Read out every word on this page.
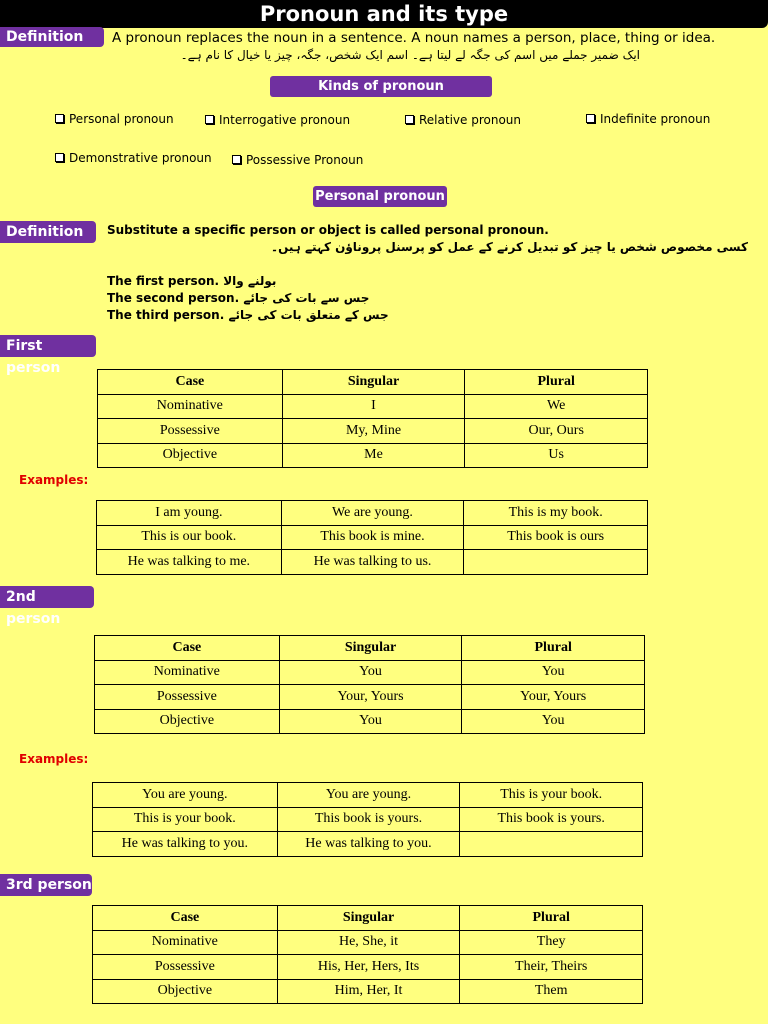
Pronoun and its type
Definition	A pronoun replaces the noun in a sentence. A noun names a person, place, thing or idea.
ایک ضمیر جملے میں اسم کی جگہ لے لیتا ہے۔ اسم ایک شخص، جگہ، چیز یا خیال کا نام ہے۔
Kinds of pronoun
Personal pronoun	Interrogative pronoun	Relative pronoun	Indefinite pronoun
Demonstrative pronoun	Possessive Pronoun
Personal pronoun
Definition	Substitute a specific person or object is called personal pronoun.
کسی مخصوص شخص یا چیز کو تبدیل کرنے کے عمل کو پرسنل پروناؤن کہتے ہیں۔
The first person. بولنے والا
The second person. جس سے بات کی جائے
The third person. جس کے متعلق بات کی جائے
First person
Case	Singular	Plural
Nominative	I	We
Possessive	My, Mine	Our, Ours
Objective	Me	Us
Examples:
I am young.	We are young.	This is my book.
This is our book.	This book is mine.	This book is ours
He was talking to me.	He was talking to us.	
2nd person
Case	Singular	Plural
Nominative	You	You
Possessive	Your, Yours	Your, Yours
Objective	You	You
Examples:
You are young.	You are young.	This is your book.
This is your book.	This book is yours.	This book is yours.
He was talking to you.	He was talking to you.	
3rd person
Case	Singular	Plural
Nominative	He, She, it	They
Possessive	His, Her, Hers, Its	Their, Theirs
Objective	Him, Her, It	Them
